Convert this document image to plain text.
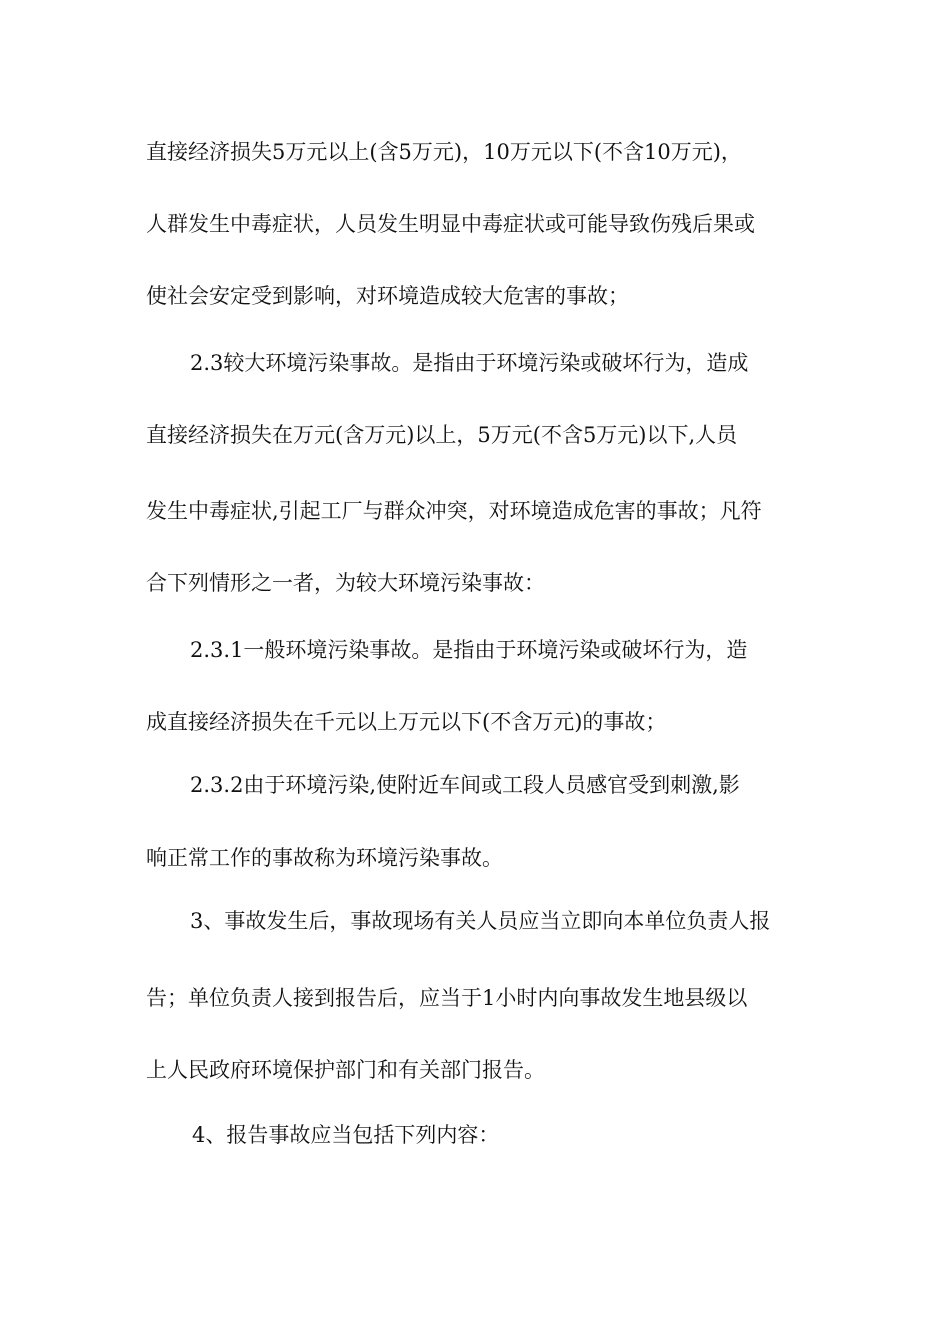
直接经济损失5万元以上(含5万元)，10万元以下(不含10万元)，
人群发生中毒症状，人员发生明显中毒症状或可能导致伤残后果或
使社会安定受到影响，对环境造成较大危害的事故；
2.3较大环境污染事故。是指由于环境污染或破坏行为，造成
直接经济损失在万元(含万元)以上，5万元(不含5万元)以下,人员
发生中毒症状,引起工厂与群众冲突，对环境造成危害的事故；凡符
合下列情形之一者，为较大环境污染事故：
2.3.1一般环境污染事故。是指由于环境污染或破坏行为，造
成直接经济损失在千元以上万元以下(不含万元)的事故；
2.3.2由于环境污染,使附近车间或工段人员感官受到刺激,影
响正常工作的事故称为环境污染事故。
3、事故发生后，事故现场有关人员应当立即向本单位负责人报
告；单位负责人接到报告后，应当于1小时内向事故发生地县级以
上人民政府环境保护部门和有关部门报告。
4、报告事故应当包括下列内容：
